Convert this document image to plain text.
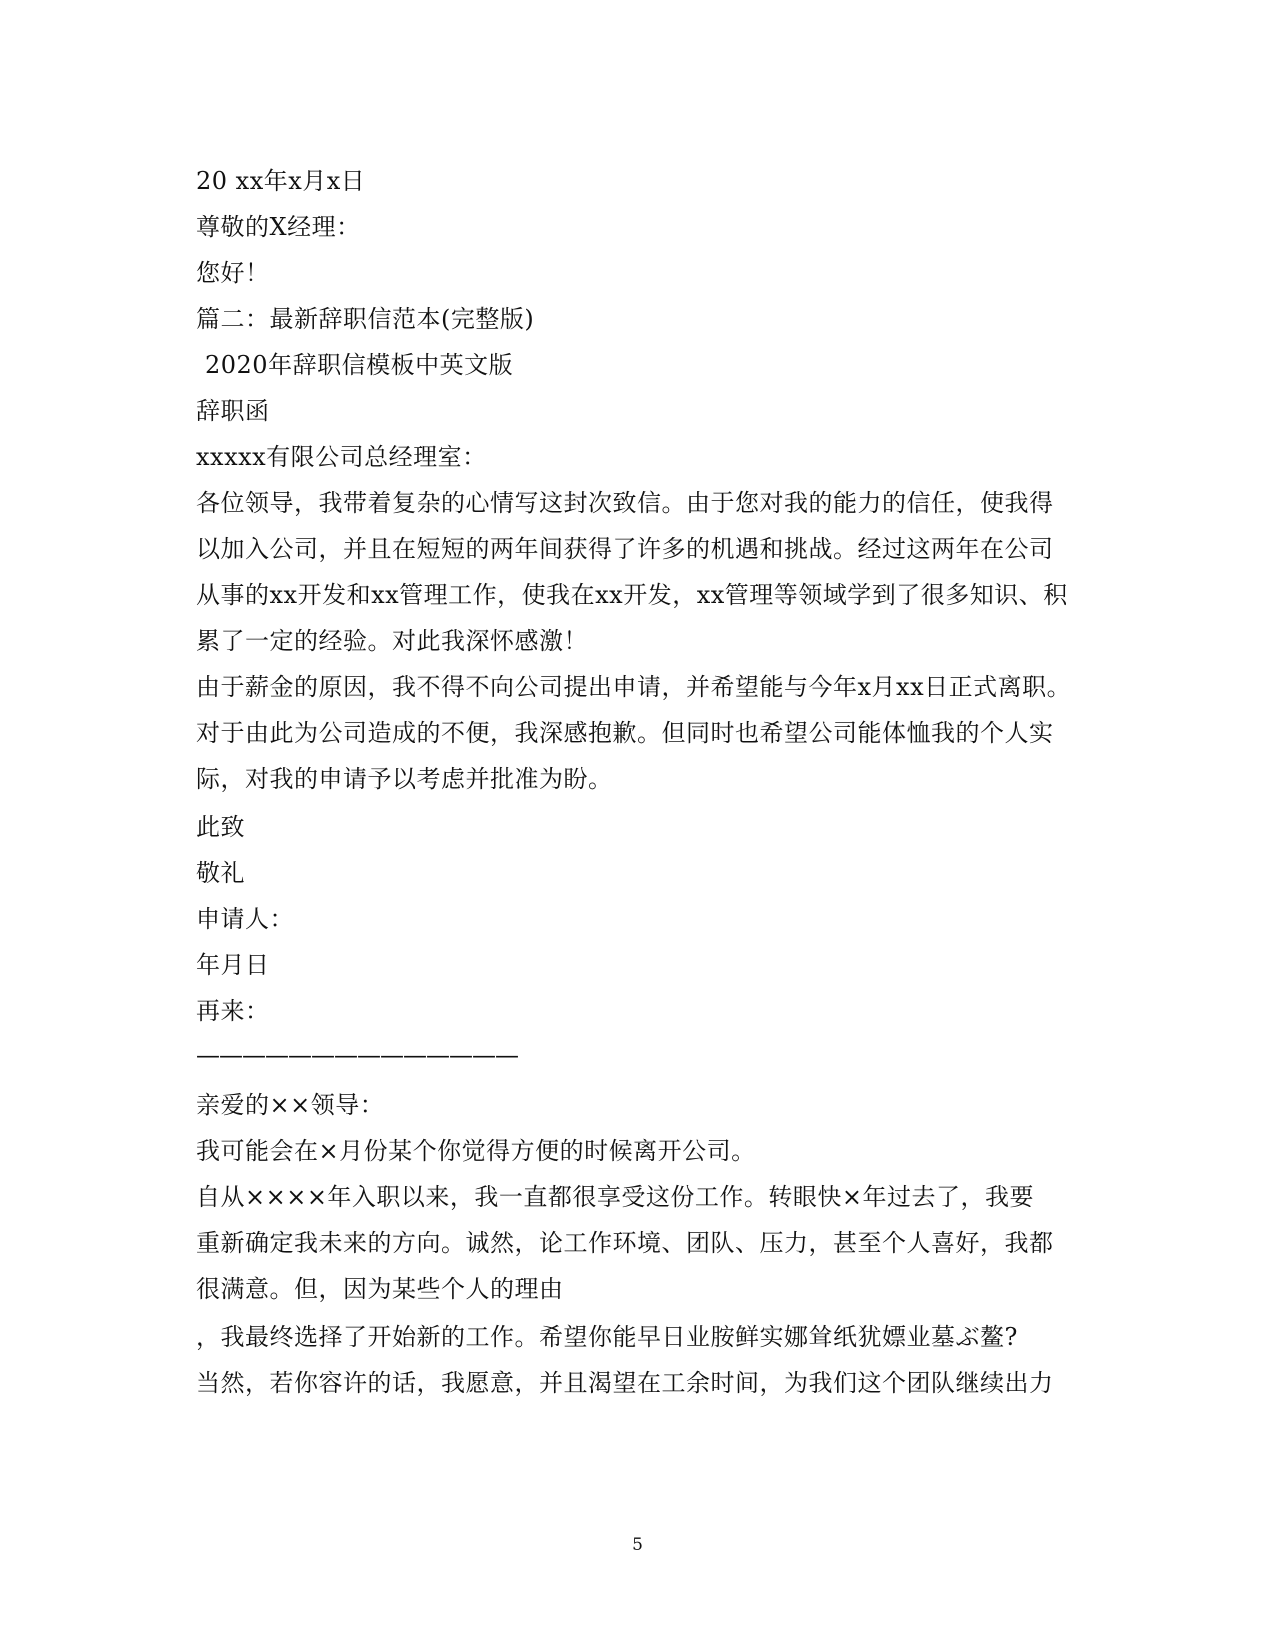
20 xx年x月x日
尊敬的X经理：
您好！
篇二：最新辞职信范本(完整版)
2020年辞职信模板中英文版
辞职函
xxxxx有限公司总经理室：
各位领导，我带着复杂的心情写这封次致信。由于您对我的能力的信任，使我得
以加入公司，并且在短短的两年间获得了许多的机遇和挑战。经过这两年在公司
从事的xx开发和xx管理工作，使我在xx开发，xx管理等领域学到了很多知识、积
累了一定的经验。对此我深怀感激！
由于薪金的原因，我不得不向公司提出申请，并希望能与今年x月xx日正式离职。
对于由此为公司造成的不便，我深感抱歉。但同时也希望公司能体恤我的个人实
际，对我的申请予以考虑并批准为盼。
此致
敬礼
申请人：
年月日
再来：
——————————————
亲爱的××领导：
我可能会在×月份某个你觉得方便的时候离开公司。
自从××××年入职以来，我一直都很享受这份工作。转眼快×年过去了，我要
重新确定我未来的方向。诚然，论工作环境、团队、压力，甚至个人喜好，我都
很满意。但，因为某些个人的理由
，我最终选择了开始新的工作。希望你能早日业胺鲜实娜耸纸犹嫖业墓ぶ鳌?
当然，若你容许的话，我愿意，并且渴望在工余时间，为我们这个团队继续出力
5
